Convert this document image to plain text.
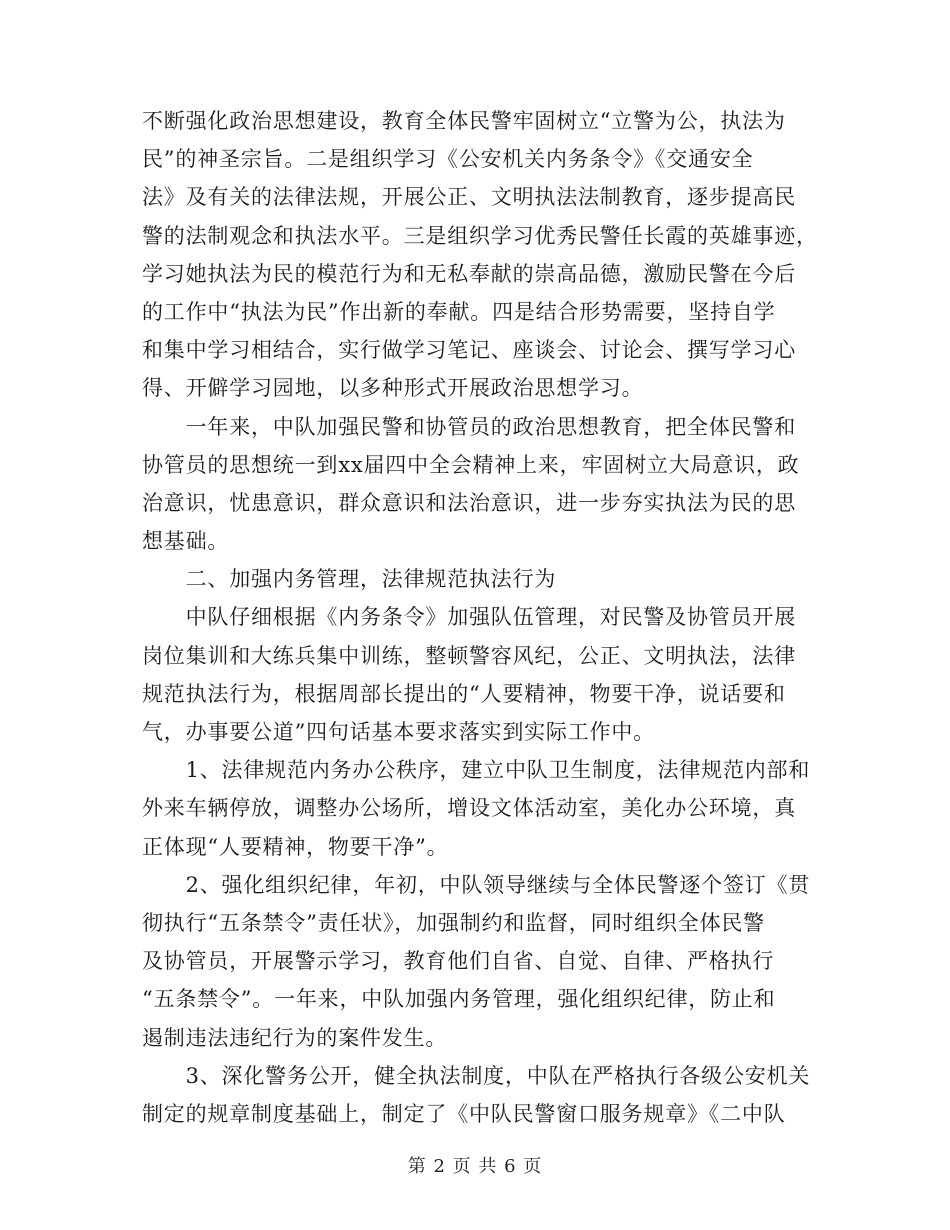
不断强化政治思想建设，教育全体民警牢固树立“立警为公，执法为
民”的神圣宗旨。二是组织学习《公安机关内务条令》《交通安全
法》及有关的法律法规，开展公正、文明执法法制教育，逐步提高民
警的法制观念和执法水平。三是组织学习优秀民警任长霞的英雄事迹，
学习她执法为民的模范行为和无私奉献的崇高品德，激励民警在今后
的工作中“执法为民”作出新的奉献。四是结合形势需要，坚持自学
和集中学习相结合，实行做学习笔记、座谈会、讨论会、撰写学习心
得、开僻学习园地，以多种形式开展政治思想学习。
　　一年来，中队加强民警和协管员的政治思想教育，把全体民警和
协管员的思想统一到xx届四中全会精神上来，牢固树立大局意识，政
治意识，忧患意识，群众意识和法治意识，进一步夯实执法为民的思
想基础。
　　二、加强内务管理，法律规范执法行为
　　中队仔细根据《内务条令》加强队伍管理，对民警及协管员开展
岗位集训和大练兵集中训练，整顿警容风纪，公正、文明执法，法律
规范执法行为，根据周部长提出的“人要精神，物要干净，说话要和
气，办事要公道”四句话基本要求落实到实际工作中。
　　1、法律规范内务办公秩序，建立中队卫生制度，法律规范内部和
外来车辆停放，调整办公场所，增设文体活动室，美化办公环境，真
正体现“人要精神，物要干净”。
　　2、强化组织纪律，年初，中队领导继续与全体民警逐个签订《贯
彻执行“五条禁令”责任状》，加强制约和监督，同时组织全体民警
及协管员，开展警示学习，教育他们自省、自觉、自律、严格执行
“五条禁令”。一年来，中队加强内务管理，强化组织纪律，防止和
遏制违法违纪行为的案件发生。
　　3、深化警务公开，健全执法制度，中队在严格执行各级公安机关
制定的规章制度基础上，制定了《中队民警窗口服务规章》《二中队
第 2 页 共 6 页
